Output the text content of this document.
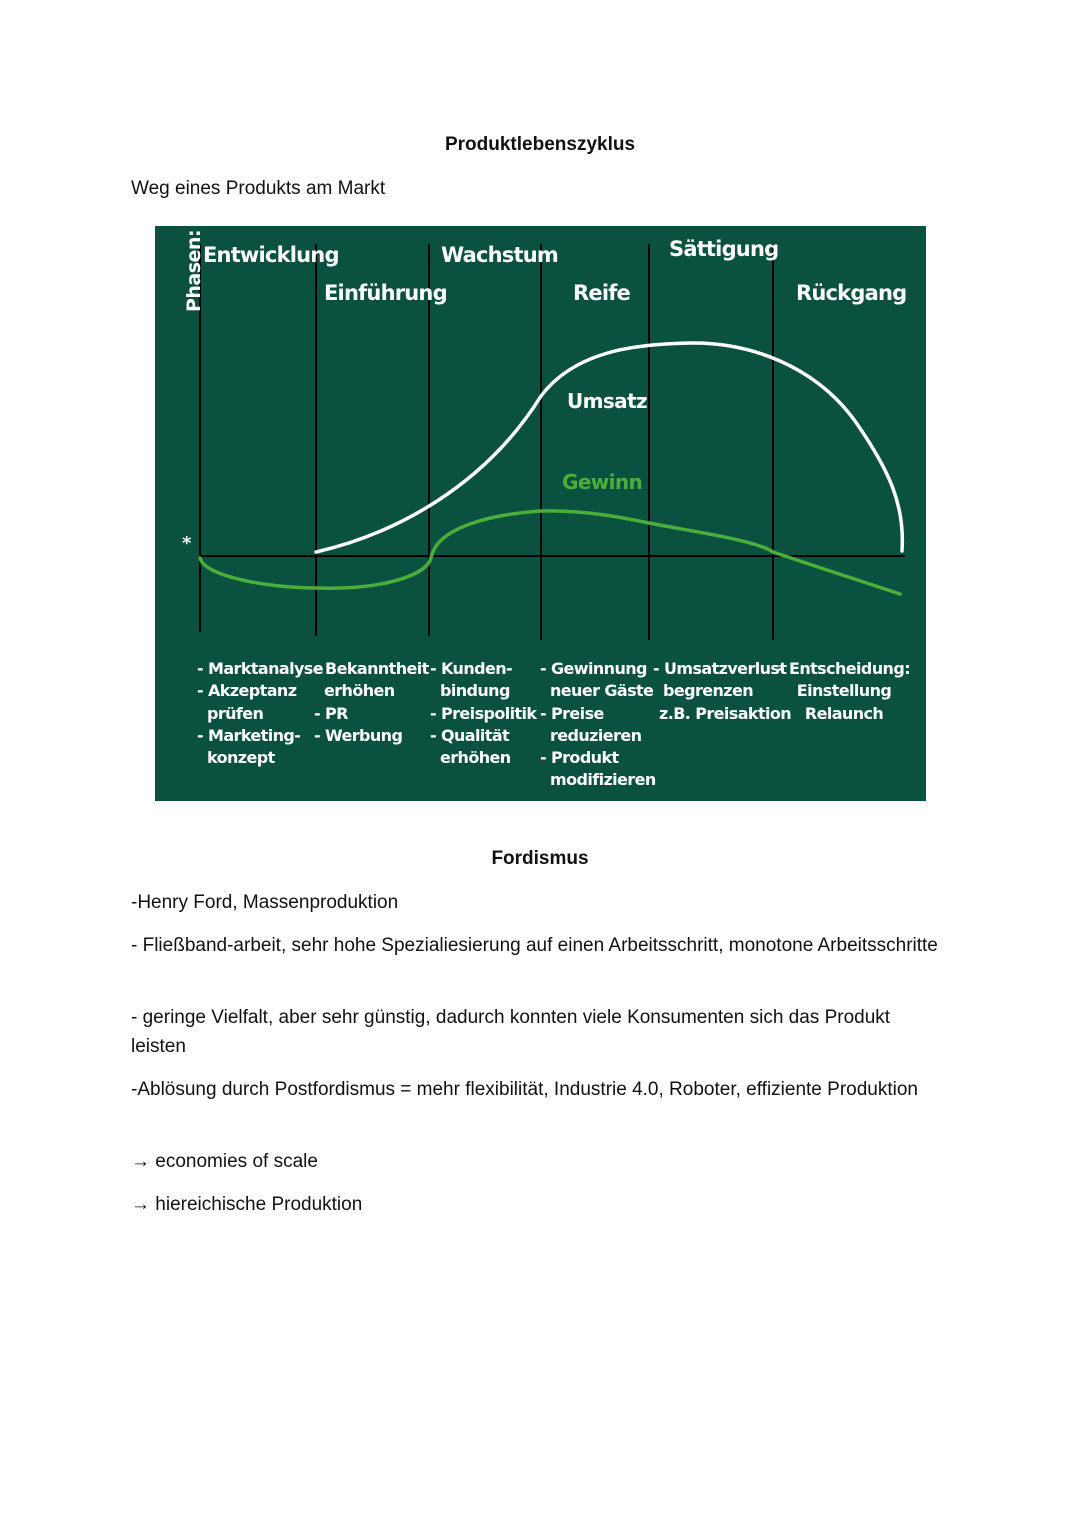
Produktlebenszyklus
Weg eines Produkts am Markt
Phasen:
*
Entwicklung
Einführung
Wachstum
Reife
Sättigung
Rückgang
Umsatz
Gewinn
- Marktanalyse
- Akzeptanz
prüfen
- Marketing-
konzept
- Bekanntheit
erhöhen
- PR
- Werbung
- Kunden-
bindung
- Preispolitik
- Qualität
erhöhen
- Gewinnung
neuer Gäste
- Preise
reduzieren
- Produkt
modifizieren
- Umsatzverlust
begrenzen
z.B. Preisaktion
- Entscheidung:
Einstellung
Relaunch
Fordismus
-Henry Ford, Massenproduktion
- Fließband-arbeit, sehr hohe Spezialiesierung auf einen Arbeitsschritt, monotone Arbeitsschritte
- geringe Vielfalt, aber sehr günstig, dadurch konnten viele Konsumenten sich das Produkt leisten
-Ablösung durch Postfordismus = mehr flexibilität, Industrie 4.0, Roboter, effiziente Produktion
→ economies of scale
→ hiereichische Produktion
